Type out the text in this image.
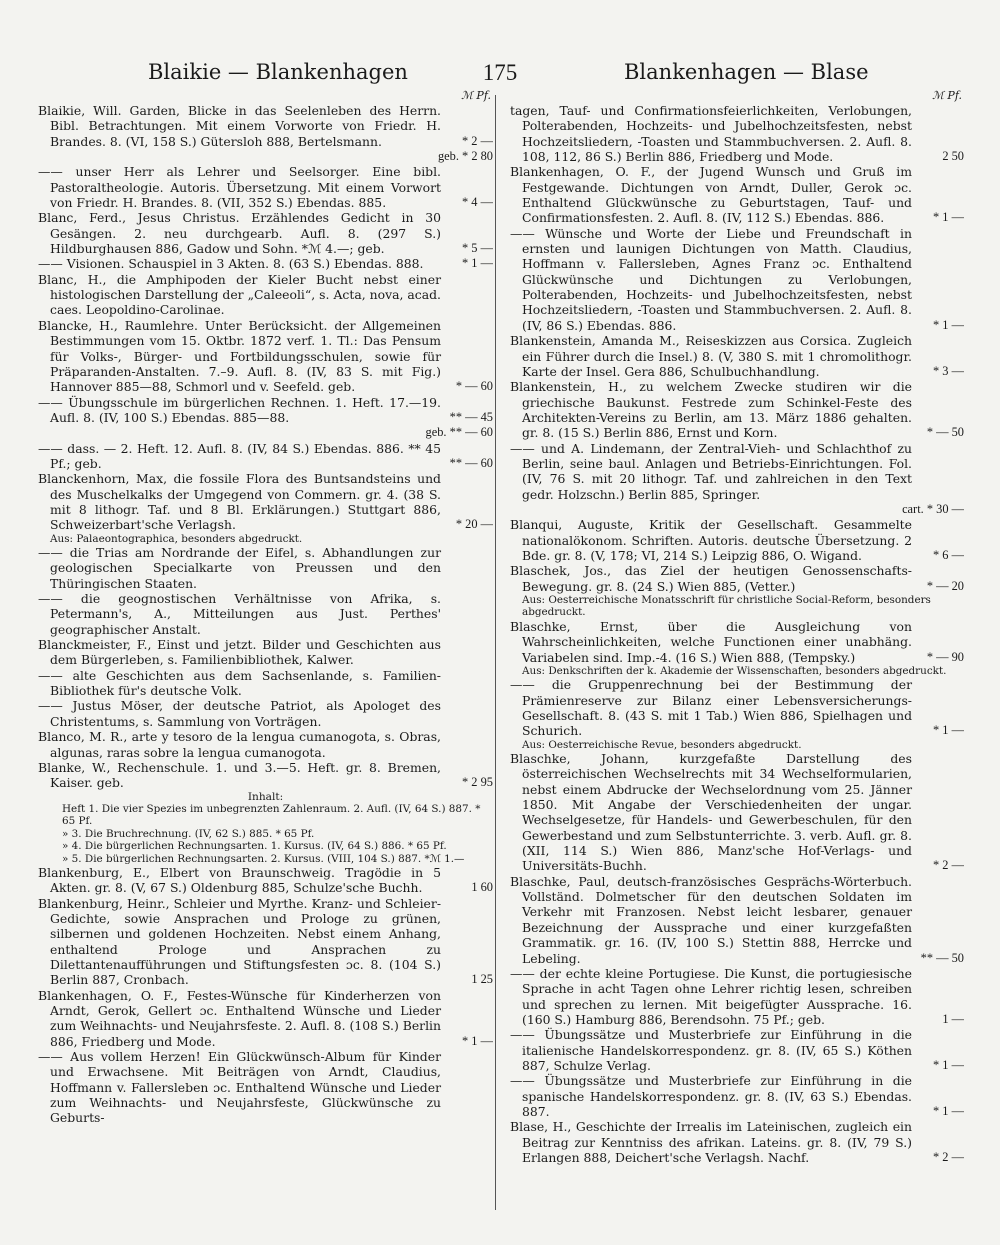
Blaikie — Blankenhagen	175	Blankenhagen — Blase
ℳ Pf.
Blaikie, Will. Garden, Blicke in das Seelenleben des Herrn. Bibl. Betrachtungen. Mit einem Vorworte von Friedr. H. Brandes. 8. (VI, 158 S.) Gütersloh 888, Bertelsmann.	* 2 —
geb. * 2 80
—— unser Herr als Lehrer und Seelsorger. Eine bibl. Pastoraltheologie. Autoris. Übersetzung. Mit einem Vorwort von Friedr. H. Brandes. 8. (VII, 352 S.) Ebendas. 885.	* 4 —
Blanc, Ferd., Jesus Christus. Erzählendes Gedicht in 30 Gesängen. 2. neu durchgearb. Aufl. 8. (297 S.) Hildburghausen 886, Gadow und Sohn. *ℳ 4.—; geb.	* 5 —
—— Visionen. Schauspiel in 3 Akten. 8. (63 S.) Ebendas. 888.	* 1 —
Blanc, H., die Amphipoden der Kieler Bucht nebst einer histologischen Darstellung der „Caleeoli“, s. Acta, nova, acad. caes. Leopoldino-Carolinae.
Blancke, H., Raumlehre. Unter Berücksicht. der Allgemeinen Bestimmungen vom 15. Oktbr. 1872 verf. 1. Tl.: Das Pensum für Volks-, Bürger- und Fortbildungsschulen, sowie für Präparanden-Anstalten. 7.–9. Aufl. 8. (IV, 83 S. mit Fig.) Hannover 885—88, Schmorl und v. Seefeld. geb.	* — 60
—— Übungsschule im bürgerlichen Rechnen. 1. Heft. 17.—19. Aufl. 8. (IV, 100 S.) Ebendas. 885—88.	** — 45
geb. ** — 60
—— dass. — 2. Heft. 12. Aufl. 8. (IV, 84 S.) Ebendas. 886. ** 45 Pf.; geb.	** — 60
Blanckenhorn, Max, die fossile Flora des Buntsandsteins und des Muschelkalks der Umgegend von Commern. gr. 4. (38 S. mit 8 lithogr. Taf. und 8 Bl. Erklärungen.) Stuttgart 886, Schweizerbart'sche Verlagsh.	* 20 —
Aus: Palaeontographica, besonders abgedruckt.
—— die Trias am Nordrande der Eifel, s. Abhandlungen zur geologischen Specialkarte von Preussen und den Thüringischen Staaten.
—— die geognostischen Verhältnisse von Afrika, s. Petermann's, A., Mitteilungen aus Just. Perthes' geographischer Anstalt.
Blanckmeister, F., Einst und jetzt. Bilder und Geschichten aus dem Bürgerleben, s. Familienbibliothek, Kalwer.
—— alte Geschichten aus dem Sachsenlande, s. Familien-Bibliothek für's deutsche Volk.
—— Justus Möser, der deutsche Patriot, als Apologet des Christentums, s. Sammlung von Vorträgen.
Blanco, M. R., arte y tesoro de la lengua cumanogota, s. Obras, algunas, raras sobre la lengua cumanogota.
Blanke, W., Rechenschule. 1. und 3.—5. Heft. gr. 8. Bremen, Kaiser. geb.	* 2 95
Inhalt:
Heft 1. Die vier Spezies im unbegrenzten Zahlenraum. 2. Aufl. (IV, 64 S.) 887. * 65 Pf.
» 3. Die Bruchrechnung. (IV, 62 S.) 885. * 65 Pf.
» 4. Die bürgerlichen Rechnungsarten. 1. Kursus. (IV, 64 S.) 886. * 65 Pf.
» 5. Die bürgerlichen Rechnungsarten. 2. Kursus. (VIII, 104 S.) 887. *ℳ 1.—
Blankenburg, E., Elbert von Braunschweig. Tragödie in 5 Akten. gr. 8. (V, 67 S.) Oldenburg 885, Schulze'sche Buchh.	1 60
Blankenburg, Heinr., Schleier und Myrthe. Kranz- und Schleier-Gedichte, sowie Ansprachen und Prologe zu grünen, silbernen und goldenen Hochzeiten. Nebst einem Anhang, enthaltend Prologe und Ansprachen zu Dilettantenaufführungen und Stiftungsfesten ɔc. 8. (104 S.) Berlin 887, Cronbach.	1 25
Blankenhagen, O. F., Festes-Wünsche für Kinderherzen von Arndt, Gerok, Gellert ɔc. Enthaltend Wünsche und Lieder zum Weihnachts- und Neujahrsfeste. 2. Aufl. 8. (108 S.) Berlin 886, Friedberg und Mode.	* 1 —
—— Aus vollem Herzen! Ein Glückwünsch-Album für Kinder und Erwachsene. Mit Beiträgen von Arndt, Claudius, Hoffmann v. Fallersleben ɔc. Enthaltend Wünsche und Lieder zum Weihnachts- und Neujahrsfeste, Glückwünsche zu Geburts-
ℳ Pf.
tagen, Tauf- und Confirmationsfeierlichkeiten, Verlobungen, Polterabenden, Hochzeits- und Jubelhochzeitsfesten, nebst Hochzeitsliedern, -Toasten und Stammbuchversen. 2. Aufl. 8. 108, 112, 86 S.) Berlin 886, Friedberg und Mode.	2 50
Blankenhagen, O. F., der Jugend Wunsch und Gruß im Festgewande. Dichtungen von Arndt, Duller, Gerok ɔc. Enthaltend Glückwünsche zu Geburtstagen, Tauf- und Confirmationsfesten. 2. Aufl. 8. (IV, 112 S.) Ebendas. 886.	* 1 —
—— Wünsche und Worte der Liebe und Freundschaft in ernsten und launigen Dichtungen von Matth. Claudius, Hoffmann v. Fallersleben, Agnes Franz ɔc. Enthaltend Glückwünsche und Dichtungen zu Verlobungen, Polterabenden, Hochzeits- und Jubelhochzeitsfesten, nebst Hochzeitsliedern, -Toasten und Stammbuchversen. 2. Aufl. 8. (IV, 86 S.) Ebendas. 886.	* 1 —
Blankenstein, Amanda M., Reiseskizzen aus Corsica. Zugleich ein Führer durch die Insel.) 8. (V, 380 S. mit 1 chromolithogr. Karte der Insel. Gera 886, Schulbuchhandlung.	* 3 —
Blankenstein, H., zu welchem Zwecke studiren wir die griechische Baukunst. Festrede zum Schinkel-Feste des Architekten-Vereins zu Berlin, am 13. März 1886 gehalten. gr. 8. (15 S.) Berlin 886, Ernst und Korn.	* — 50
—— und A. Lindemann, der Zentral-Vieh- und Schlachthof zu Berlin, seine baul. Anlagen und Betriebs-Einrichtungen. Fol. (IV, 76 S. mit 20 lithogr. Taf. und zahlreichen in den Text gedr. Holzschn.) Berlin 885, Springer.
cart. * 30 —
Blanqui, Auguste, Kritik der Gesellschaft. Gesammelte nationalökonom. Schriften. Autoris. deutsche Übersetzung. 2 Bde. gr. 8. (V, 178; VI, 214 S.) Leipzig 886, O. Wigand.	* 6 —
Blaschek, Jos., das Ziel der heutigen Genossenschafts-Bewegung. gr. 8. (24 S.) Wien 885, (Vetter.)	* — 20
Aus: Oesterreichische Monatsschrift für christliche Social-Reform, besonders abgedruckt.
Blaschke, Ernst, über die Ausgleichung von Wahrscheinlichkeiten, welche Functionen einer unabhäng. Variabelen sind. Imp.-4. (16 S.) Wien 888, (Tempsky.)	* — 90
Aus: Denkschriften der k. Akademie der Wissenschaften, besonders abgedruckt.
—— die Gruppenrechnung bei der Bestimmung der Prämienreserve zur Bilanz einer Lebensversicherungs-Gesellschaft. 8. (43 S. mit 1 Tab.) Wien 886, Spielhagen und Schurich.	* 1 —
Aus: Oesterreichische Revue, besonders abgedruckt.
Blaschke, Johann, kurzgefaßte Darstellung des österreichischen Wechselrechts mit 34 Wechselformularien, nebst einem Abdrucke der Wechselordnung vom 25. Jänner 1850. Mit Angabe der Verschiedenheiten der ungar. Wechselgesetze, für Handels- und Gewerbeschulen, für den Gewerbestand und zum Selbstunterrichte. 3. verb. Aufl. gr. 8. (XII, 114 S.) Wien 886, Manz'sche Hof-Verlags- und Universitäts-Buchh.	* 2 —
Blaschke, Paul, deutsch-französisches Gesprächs-Wörterbuch. Vollständ. Dolmetscher für den deutschen Soldaten im Verkehr mit Franzosen. Nebst leicht lesbarer, genauer Bezeichnung der Aussprache und einer kurzgefaßten Grammatik. gr. 16. (IV, 100 S.) Stettin 888, Herrcke und Lebeling.	** — 50
—— der echte kleine Portugiese. Die Kunst, die portugiesische Sprache in acht Tagen ohne Lehrer richtig lesen, schreiben und sprechen zu lernen. Mit beigefügter Aussprache. 16. (160 S.) Hamburg 886, Berendsohn. 75 Pf.; geb.	1 —
—— Übungssätze und Musterbriefe zur Einführung in die italienische Handelskorrespondenz. gr. 8. (IV, 65 S.) Köthen 887, Schulze Verlag.	* 1 —
—— Übungssätze und Musterbriefe zur Einführung in die spanische Handelskorrespondenz. gr. 8. (IV, 63 S.) Ebendas. 887.	* 1 —
Blase, H., Geschichte der Irrealis im Lateinischen, zugleich ein Beitrag zur Kenntniss des afrikan. Lateins. gr. 8. (IV, 79 S.) Erlangen 888, Deichert'sche Verlagsh. Nachf.	* 2 —
